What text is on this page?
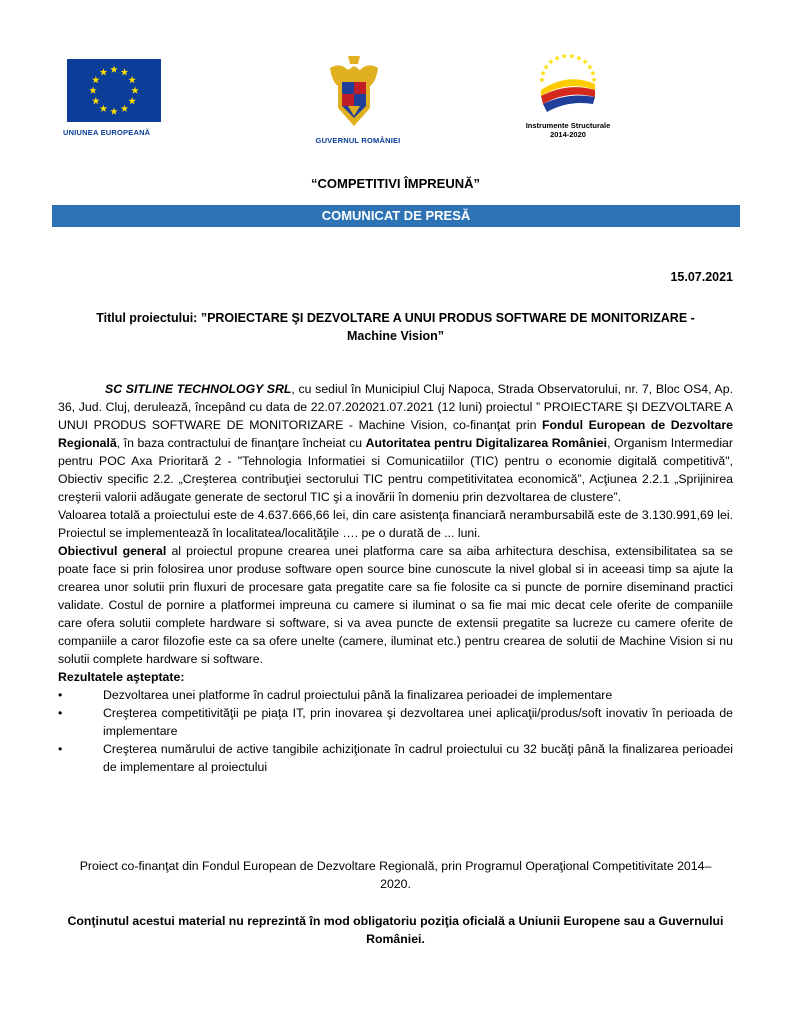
UNIUNEA EUROPEANĂ
GUVERNUL ROMÂNIEI
Instrumente Structurale
2014-2020
“COMPETITIVI ÎMPREUNĂ”
COMUNICAT DE PRESĂ
15.07.2021
Titlul proiectului: ”PROIECTARE ŞI DEZVOLTARE A UNUI PRODUS SOFTWARE DE MONITORIZARE - Machine Vision”

SC SITLINE TECHNOLOGY SRL, cu sediul în Municipiul Cluj Napoca, Strada Observatorului, nr. 7, Bloc OS4, Ap. 36, Jud. Cluj, derulează, începând cu data de 22.07.202021.07.2021 (12 luni) proiectul ” PROIECTARE ŞI DEZVOLTARE A UNUI PRODUS SOFTWARE DE MONITORIZARE - Machine Vision, co-finanţat prin Fondul European de Dezvoltare Regională, în baza contractului de finanţare încheiat cu Autoritatea pentru Digitalizarea României, Organism Intermediar pentru POC Axa Prioritară 2 - "Tehnologia Informatiei si Comunicatiilor (TIC) pentru o economie digitală competitivă", Obiectiv specific 2.2. „Creşterea contribuţiei sectorului TIC pentru competitivitatea economică”, Acţiunea 2.2.1 „Sprijinirea creşterii valorii adăugate generate de sectorul TIC şi a inovării în domeniu prin dezvoltarea de clustere”.

Valoarea totală a proiectului este de 4.637.666,66 lei, din care asistenţa financiară nerambursabilă este de 3.130.991,69 lei. Proiectul se implementează în localitatea/localităţile …. pe o durată de ... luni.

Obiectivul general al proiectul propune crearea unei platforma care sa aiba arhitectura deschisa, extensibilitatea sa se poate face si prin folosirea unor produse software open source bine cunoscute la nivel global si in aceeasi timp sa ajute la crearea unor solutii prin fluxuri de procesare gata pregatite care sa fie folosite ca si puncte de pornire diseminand practici validate. Costul de pornire a platformei impreuna cu camere si iluminat o sa fie mai mic decat cele oferite de companiile care ofera solutii complete hardware si software, si va avea puncte de extensii pregatite sa lucreze cu camere oferite de companiile a caror filozofie este ca sa ofere unelte (camere, iluminat etc.) pentru crearea de solutii de Machine Vision si nu solutii complete hardware si software.

Rezultatele aşteptate:

•	Dezvoltarea unei platforme în cadrul proiectului până la finalizarea perioadei de implementare
•	Creşterea competitivităţii pe piaţa IT, prin inovarea şi dezvoltarea unei aplicaţii/produs/soft inovativ în perioada de implementare
•	Creşterea numărului de active tangibile achiziţionate în cadrul proiectului cu 32 bucăţi până la finalizarea perioadei de implementare al proiectului
Proiect co-finanţat din Fondul European de Dezvoltare Regională, prin Programul Operaţional Competitivitate 2014–2020.
Conţinutul acestui material nu reprezintă în mod obligatoriu poziţia oficială a Uniunii Europene sau a Guvernului României.
